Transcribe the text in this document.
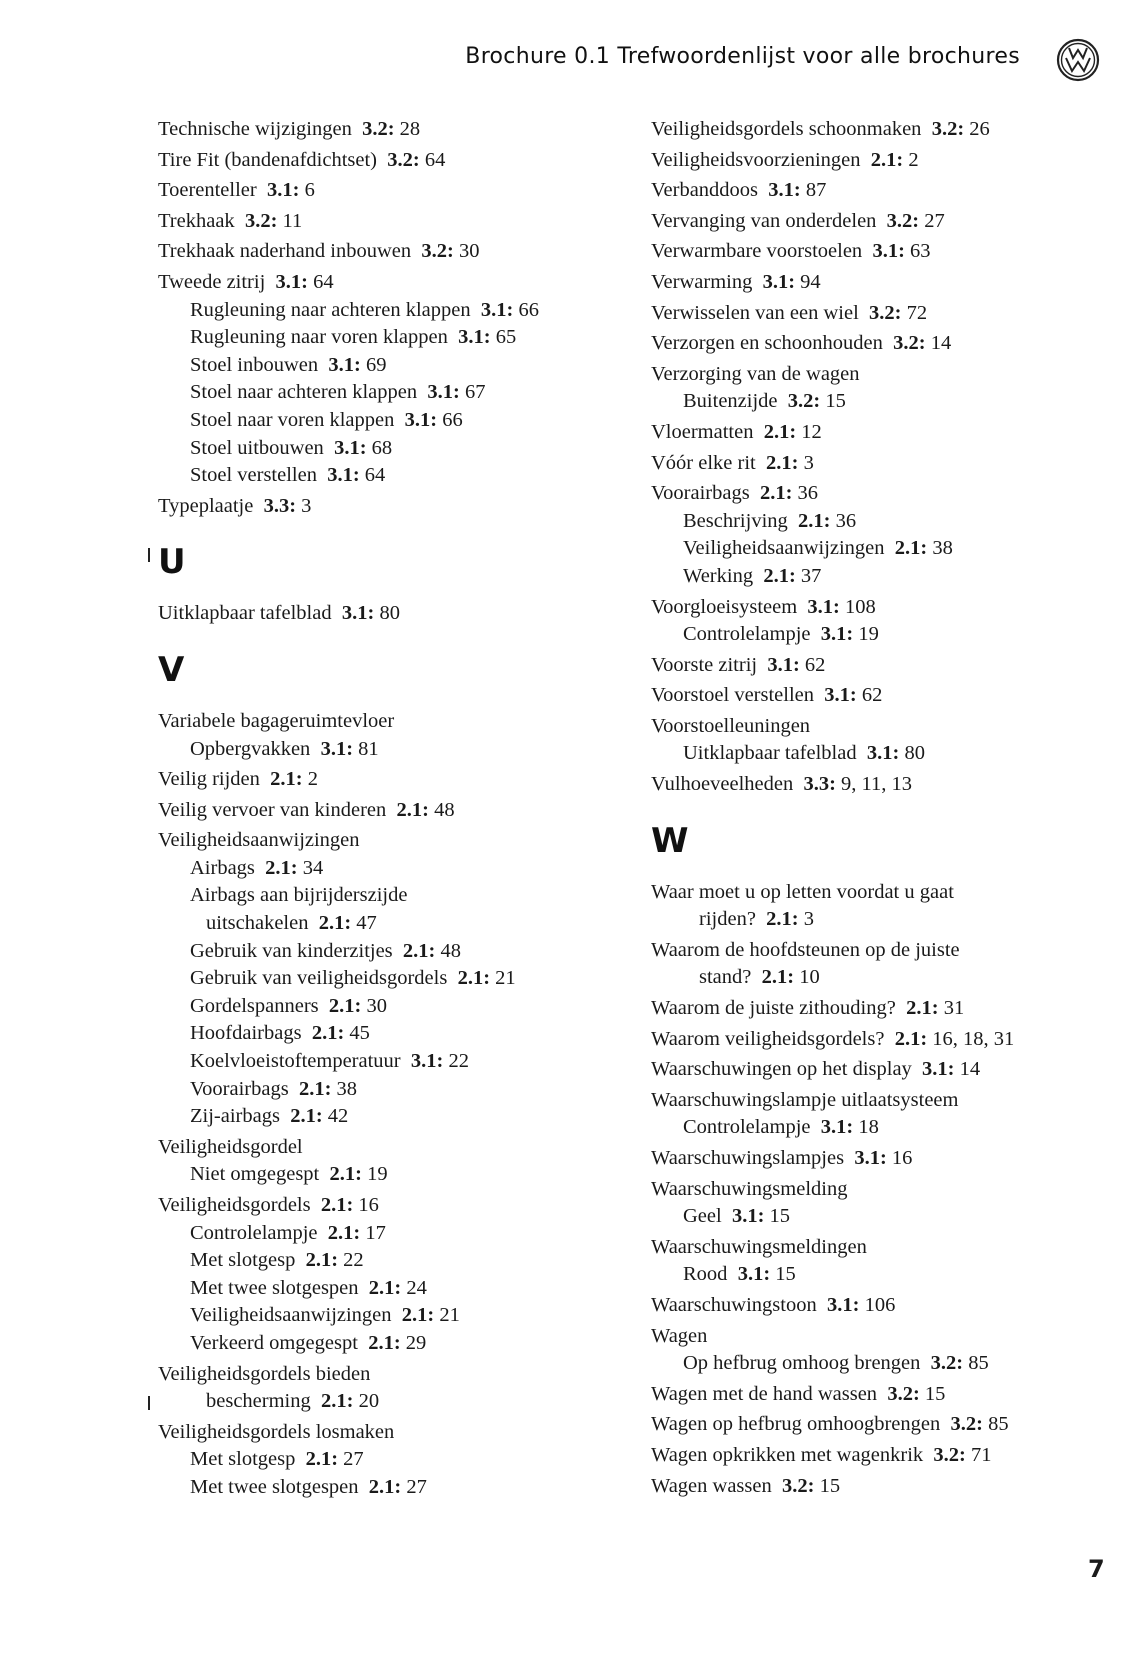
Brochure 0.1 Trefwoordenlijst voor alle brochures
Technische wijzigingen 3.2: 28
Tire Fit (bandenafdichtset) 3.2: 64
Toerenteller 3.1: 6
Trekhaak 3.2: 11
Trekhaak naderhand inbouwen 3.2: 30
Tweede zitrij 3.1: 64
Rugleuning naar achteren klappen 3.1: 66
Rugleuning naar voren klappen 3.1: 65
Stoel inbouwen 3.1: 69
Stoel naar achteren klappen 3.1: 67
Stoel naar voren klappen 3.1: 66
Stoel uitbouwen 3.1: 68
Stoel verstellen 3.1: 64
Typeplaatje 3.3: 3
U
Uitklapbaar tafelblad 3.1: 80
V
Variabele bagageruimtevloer
Opbergvakken 3.1: 81
Veilig rijden 2.1: 2
Veilig vervoer van kinderen 2.1: 48
Veiligheidsaanwijzingen
Airbags 2.1: 34
Airbags aan bijrijderszijde
uitschakelen 2.1: 47
Gebruik van kinderzitjes 2.1: 48
Gebruik van veiligheidsgordels 2.1: 21
Gordelspanners 2.1: 30
Hoofdairbags 2.1: 45
Koelvloeistoftemperatuur 3.1: 22
Voorairbags 2.1: 38
Zij-airbags 2.1: 42
Veiligheidsgordel
Niet omgegespt 2.1: 19
Veiligheidsgordels 2.1: 16
Controlelampje 2.1: 17
Met slotgesp 2.1: 22
Met twee slotgespen 2.1: 24
Veiligheidsaanwijzingen 2.1: 21
Verkeerd omgegespt 2.1: 29
Veiligheidsgordels bieden
bescherming 2.1: 20
Veiligheidsgordels losmaken
Met slotgesp 2.1: 27
Met twee slotgespen 2.1: 27
Veiligheidsgordels schoonmaken 3.2: 26
Veiligheidsvoorzieningen 2.1: 2
Verbanddoos 3.1: 87
Vervanging van onderdelen 3.2: 27
Verwarmbare voorstoelen 3.1: 63
Verwarming 3.1: 94
Verwisselen van een wiel 3.2: 72
Verzorgen en schoonhouden 3.2: 14
Verzorging van de wagen
Buitenzijde 3.2: 15
Vloermatten 2.1: 12
Vóór elke rit 2.1: 3
Voorairbags 2.1: 36
Beschrijving 2.1: 36
Veiligheidsaanwijzingen 2.1: 38
Werking 2.1: 37
Voorgloeisysteem 3.1: 108
Controlelampje 3.1: 19
Voorste zitrij 3.1: 62
Voorstoel verstellen 3.1: 62
Voorstoelleuningen
Uitklapbaar tafelblad 3.1: 80
Vulhoeveelheden 3.3: 9, 11, 13
W
Waar moet u op letten voordat u gaat
rijden? 2.1: 3
Waarom de hoofdsteunen op de juiste
stand? 2.1: 10
Waarom de juiste zithouding? 2.1: 31
Waarom veiligheidsgordels? 2.1: 16, 18, 31
Waarschuwingen op het display 3.1: 14
Waarschuwingslampje uitlaatsysteem
Controlelampje 3.1: 18
Waarschuwingslampjes 3.1: 16
Waarschuwingsmelding
Geel 3.1: 15
Waarschuwingsmeldingen
Rood 3.1: 15
Waarschuwingstoon 3.1: 106
Wagen
Op hefbrug omhoog brengen 3.2: 85
Wagen met de hand wassen 3.2: 15
Wagen op hefbrug omhoogbrengen 3.2: 85
Wagen opkrikken met wagenkrik 3.2: 71
Wagen wassen 3.2: 15
7
